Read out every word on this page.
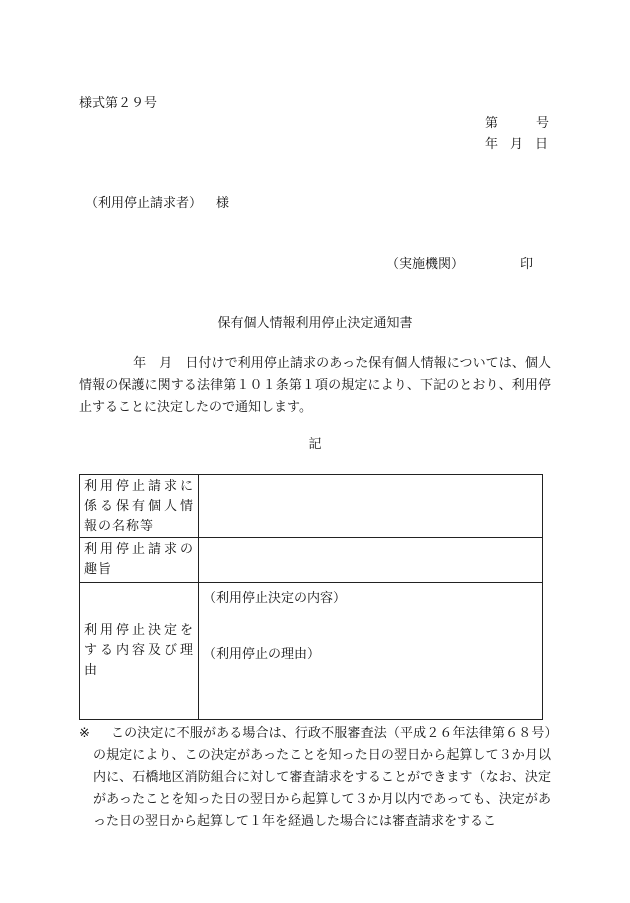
様式第２９号
第	号
年 月 日
（利用停止請求者） 様
（実施機関）	印
保有個人情報利用停止決定通知書
年 月 日付けで利用停止請求のあった保有個人情報については、個人情報の保護に関する法律第１０１条第１項の規定により、下記のとおり、利用停止することに決定したので通知します。
記
利用停止請求に係る保有個人情報の名称等	
利用停止請求の趣旨	
利用停止決定をする内容及び理由	（利用停止決定の内容）
（利用停止の理由）
※	この決定に不服がある場合は、行政不服審査法（平成２６年法律第６８号）の規定により、この決定があったことを知った日の翌日から起算して３か月以内に、石橋地区消防組合に対して審査請求をすることができます（なお、決定があったことを知った日の翌日から起算して３か月以内であっても、決定があった日の翌日から起算して１年を経過した場合には審査請求をするこ
